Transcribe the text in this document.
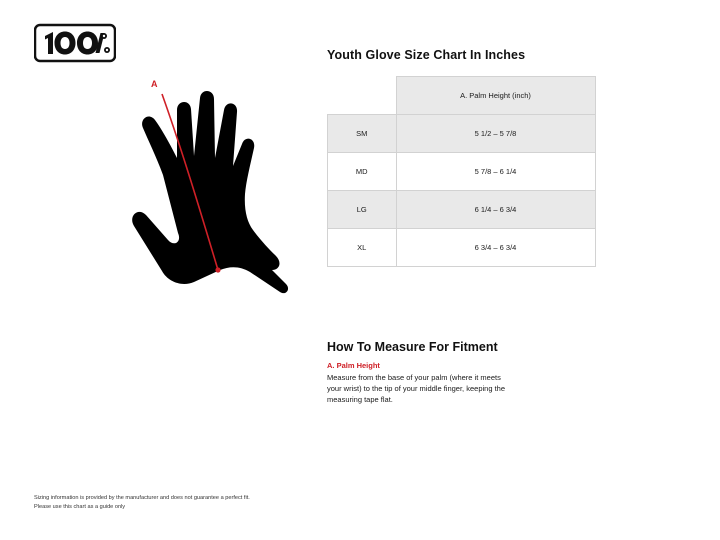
A
Youth Glove Size Chart In Inches
	A. Palm Height (inch)
SM	5 1/2 – 5 7/8
MD	5 7/8 – 6 1/4
LG	6 1/4 – 6 3/4
XL	6 3/4 – 6 3/4
How To Measure For Fitment

A. Palm Height

Measure from the base of your palm (where it meets your wrist) to the tip of your middle finger, keeping the measuring tape flat.

Sizing information is provided by the manufacturer and does not guarantee a perfect fit.
Please use this chart as a guide only
